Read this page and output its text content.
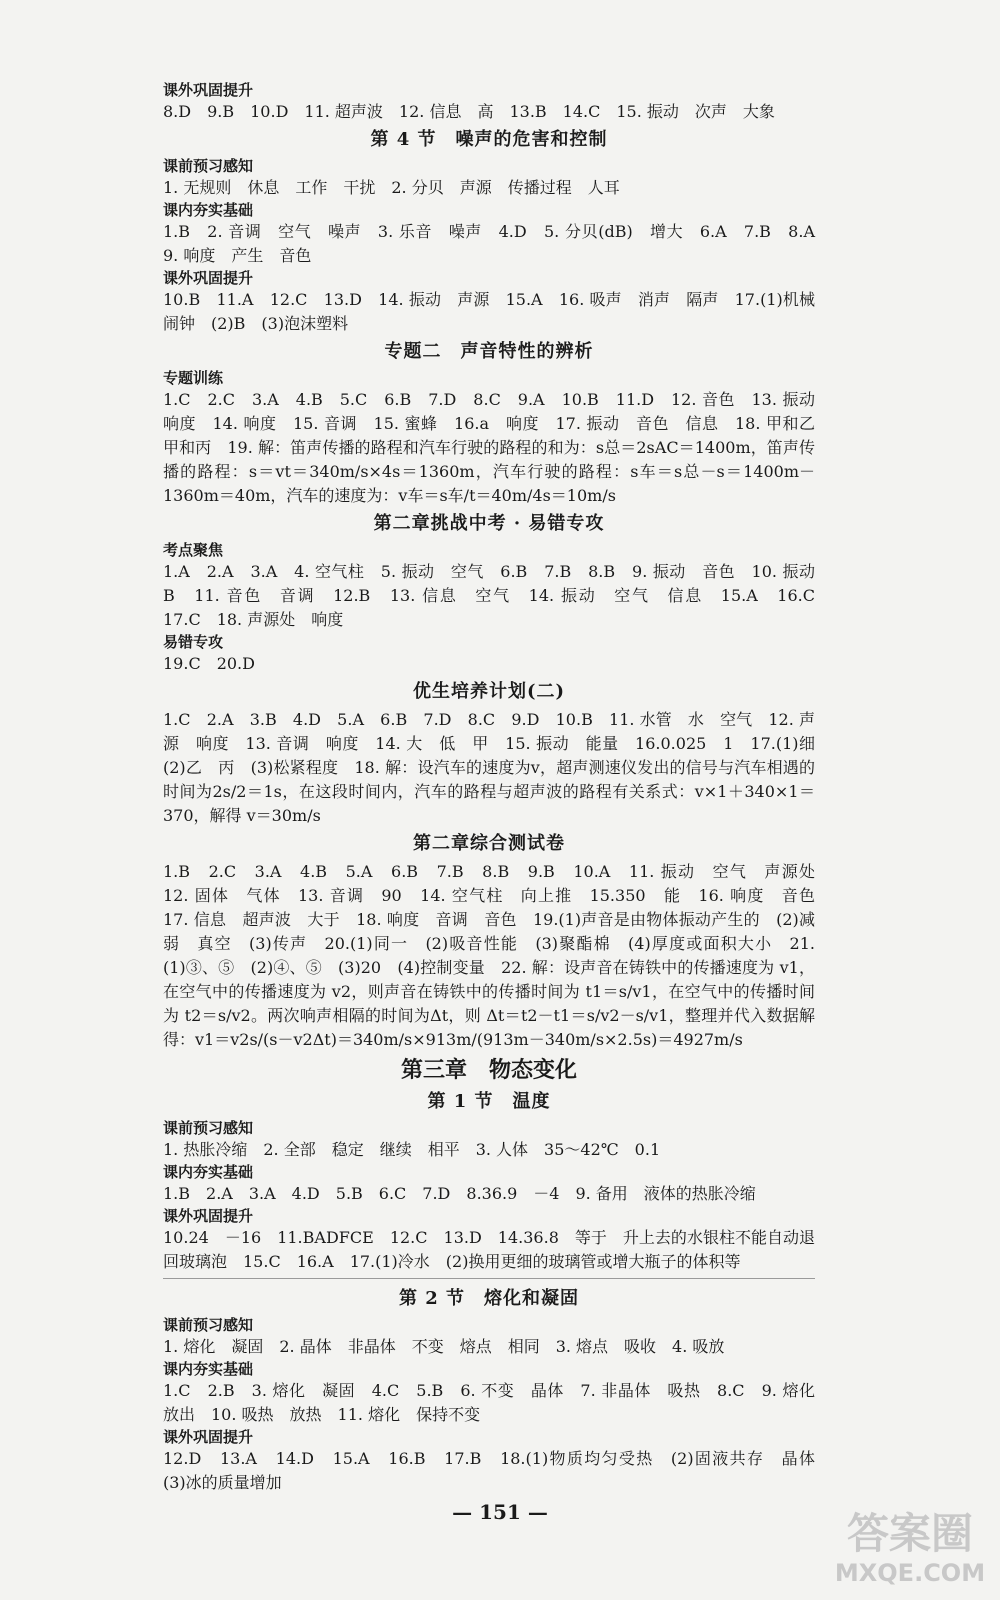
课外巩固提升

8.D　9.B　10.D　11. 超声波　12. 信息　高　13.B　14.C　15. 振动　次声　大象

第 4 节　噪声的危害和控制

课前预习感知

1. 无规则　休息　工作　干扰　2. 分贝　声源　传播过程　人耳

课内夯实基础

1.B　2. 音调　空气　噪声　3. 乐音　噪声　4.D　5. 分贝(dB)　增大　6.A　7.B　8.A　9. 响度　产生　音色

课外巩固提升

10.B　11.A　12.C　13.D　14. 振动　声源　15.A　16. 吸声　消声　隔声　17.(1)机械闹钟　(2)B　(3)泡沫塑料

专题二　声音特性的辨析

专题训练

1.C　2.C　3.A　4.B　5.C　6.B　7.D　8.C　9.A　10.B　11.D　12. 音色　13. 振动　响度　14. 响度　15. 音调　15. 蜜蜂　16.a　响度　17. 振动　音色　信息　18. 甲和乙　甲和丙　19. 解：笛声传播的路程和汽车行驶的路程的和为：s总＝2sAC＝1400m，笛声传播的路程：s＝vt＝340m/s×4s＝1360m，汽车行驶的路程：s车＝s总－s＝1400m－1360m＝40m，汽车的速度为：v车＝s车/t＝40m/4s＝10m/s

第二章挑战中考 · 易错专攻

考点聚焦

1.A　2.A　3.A　4. 空气柱　5. 振动　空气　6.B　7.B　8.B　9. 振动　音色　10. 振动　B　11. 音色　音调　12.B　13. 信息　空气　14. 振动　空气　信息　15.A　16.C　17.C　18. 声源处　响度

易错专攻

19.C　20.D

优生培养计划(二)

1.C　2.A　3.B　4.D　5.A　6.B　7.D　8.C　9.D　10.B　11. 水管　水　空气　12. 声源　响度　13. 音调　响度　14. 大　低　甲　15. 振动　能量　16.0.025　1　17.(1)细　(2)乙　丙　(3)松紧程度　18. 解：设汽车的速度为v，超声测速仪发出的信号与汽车相遇的时间为2s/2＝1s，在这段时间内，汽车的路程与超声波的路程有关系式：v×1＋340×1＝370，解得 v＝30m/s

第二章综合测试卷

1.B　2.C　3.A　4.B　5.A　6.B　7.B　8.B　9.B　10.A　11. 振动　空气　声源处　12. 固体　气体　13. 音调　90　14. 空气柱　向上推　15.350　能　16. 响度　音色　17. 信息　超声波　大于　18. 响度　音调　音色　19.(1)声音是由物体振动产生的　(2)减弱　真空　(3)传声　20.(1)同一　(2)吸音性能　(3)聚酯棉　(4)厚度或面积大小　21.(1)③、⑤　(2)④、⑤　(3)20　(4)控制变量　22. 解：设声音在铸铁中的传播速度为 v1，在空气中的传播速度为 v2，则声音在铸铁中的传播时间为 t1＝s/v1，在空气中的传播时间为 t2＝s/v2。两次响声相隔的时间为Δt，则 Δt＝t2－t1＝s/v2－s/v1，整理并代入数据解得：v1＝v2s/(s－v2Δt)＝340m/s×913m/(913m－340m/s×2.5s)＝4927m/s

第三章　物态变化

第 1 节　温度

课前预习感知

1. 热胀冷缩　2. 全部　稳定　继续　相平　3. 人体　35～42℃　0.1

课内夯实基础

1.B　2.A　3.A　4.D　5.B　6.C　7.D　8.36.9　－4　9. 备用　液体的热胀冷缩

课外巩固提升

10.24　－16　11.BADFCE　12.C　13.D　14.36.8　等于　升上去的水银柱不能自动退回玻璃泡　15.C　16.A　17.(1)冷水　(2)换用更细的玻璃管或增大瓶子的体积等

第 2 节　熔化和凝固

课前预习感知

1. 熔化　凝固　2. 晶体　非晶体　不变　熔点　相同　3. 熔点　吸收　4. 吸放

课内夯实基础

1.C　2.B　3. 熔化　凝固　4.C　5.B　6. 不变　晶体　7. 非晶体　吸热　8.C　9. 熔化　放出　10. 吸热　放热　11. 熔化　保持不变

课外巩固提升

12.D　13.A　14.D　15.A　16.B　17.B　18.(1)物质均匀受热　(2)固液共存　晶体　(3)冰的质量增加

— 151 —	答案圈
MXQE.COM
